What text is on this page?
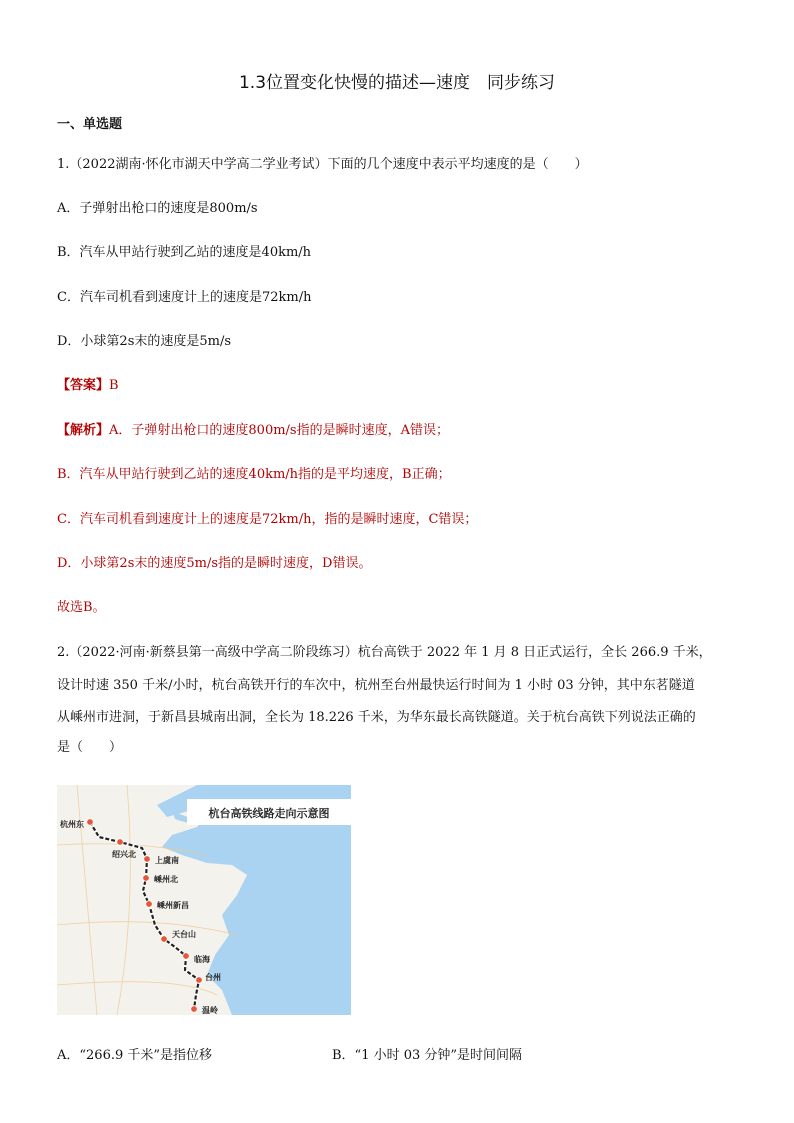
1.3位置变化快慢的描述—速度　同步练习
一、单选题
1.（2022湖南·怀化市湖天中学高二学业考试）下面的几个速度中表示平均速度的是（　　）
A．子弹射出枪口的速度是800m/s
B．汽车从甲站行驶到乙站的速度是40km/h
C．汽车司机看到速度计上的速度是72km/h
D．小球第2s末的速度是5m/s
【答案】B
【解析】A．子弹射出枪口的速度800m/s指的是瞬时速度，A错误；
B．汽车从甲站行驶到乙站的速度40km/h指的是平均速度，B正确；
C．汽车司机看到速度计上的速度是72km/h，指的是瞬时速度，C错误；
D．小球第2s末的速度5m/s指的是瞬时速度，D错误。
故选B。
2.（2022·河南·新蔡县第一高级中学高二阶段练习）杭台高铁于 2022 年 1 月 8 日正式运行，全长 266.9 千米，
设计时速 350 千米/小时，杭台高铁开行的车次中，杭州至台州最快运行时间为 1 小时 03 分钟，其中东茗隧道
从嵊州市进洞，于新昌县城南出洞，全长为 18.226 千米，为华东最长高铁隧道。关于杭台高铁下列说法正确的
是（　　）
杭台高铁线路走向示意图
杭州东
绍兴北
上虞南
嵊州北
嵊州新昌
天台山
临海
台州
温岭
A．“266.9 千米”是指位移	B．“1 小时 03 分钟”是时间间隔
